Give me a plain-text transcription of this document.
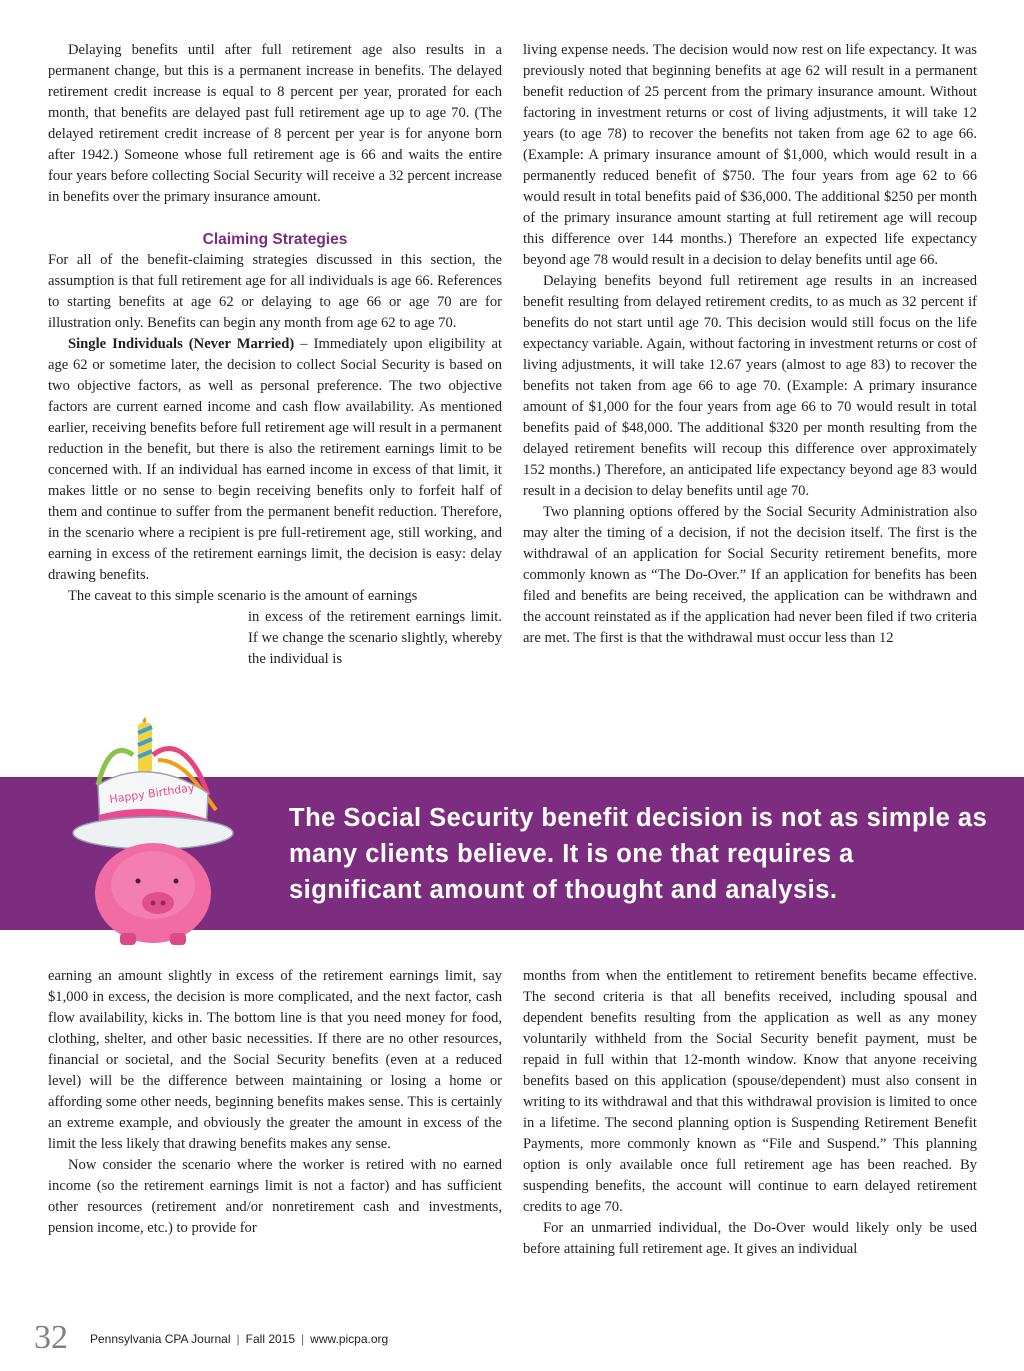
Delaying benefits until after full retirement age also results in a permanent change, but this is a permanent increase in benefits. The delayed retirement credit increase is equal to 8 percent per year, prorated for each month, that benefits are delayed past full retirement age up to age 70. (The delayed retirement credit increase of 8 percent per year is for anyone born after 1942.) Someone whose full retirement age is 66 and waits the entire four years before collecting Social Security will receive a 32 percent increase in benefits over the primary insurance amount.

Claiming Strategies

For all of the benefit-claiming strategies discussed in this section, the assumption is that full retirement age for all individuals is age 66. References to starting benefits at age 62 or delaying to age 66 or age 70 are for illustration only. Benefits can begin any month from age 62 to age 70.

Single Individuals (Never Married) – Immediately upon eligibility at age 62 or sometime later, the decision to collect Social Security is based on two objective factors, as well as personal preference. The two objective factors are current earned income and cash flow availability. As mentioned earlier, receiving benefits before full retirement age will result in a permanent reduction in the benefit, but there is also the retirement earnings limit to be concerned with. If an individual has earned income in excess of that limit, it makes little or no sense to begin receiving benefits only to forfeit half of them and continue to suffer from the permanent benefit reduction. Therefore, in the scenario where a recipient is pre full-retirement age, still working, and earning in excess of the retirement earnings limit, the decision is easy: delay drawing benefits.

The caveat to this simple scenario is the amount of earnings

in excess of the retirement earnings limit. If we change the scenario slightly, whereby the individual is

living expense needs. The decision would now rest on life expectancy. It was previously noted that beginning benefits at age 62 will result in a permanent benefit reduction of 25 percent from the primary insurance amount. Without factoring in investment returns or cost of living adjustments, it will take 12 years (to age 78) to recover the benefits not taken from age 62 to age 66. (Example: A primary insurance amount of $1,000, which would result in a permanently reduced benefit of $750. The four years from age 62 to 66 would result in total benefits paid of $36,000. The additional $250 per month of the primary insurance amount starting at full retirement age will recoup this difference over 144 months.) Therefore an expected life expectancy beyond age 78 would result in a decision to delay benefits until age 66.

Delaying benefits beyond full retirement age results in an increased benefit resulting from delayed retirement credits, to as much as 32 percent if benefits do not start until age 70. This decision would still focus on the life expectancy variable. Again, without factoring in investment returns or cost of living adjustments, it will take 12.67 years (almost to age 83) to recover the benefits not taken from age 66 to age 70. (Example: A primary insurance amount of $1,000 for the four years from age 66 to 70 would result in total benefits paid of $48,000. The additional $320 per month resulting from the delayed retirement benefits will recoup this difference over approximately 152 months.) Therefore, an anticipated life expectancy beyond age 83 would result in a decision to delay benefits until age 70.

Two planning options offered by the Social Security Administration also may alter the timing of a decision, if not the decision itself. The first is the withdrawal of an application for Social Security retirement benefits, more commonly known as “The Do-Over.” If an application for benefits has been filed and benefits are being received, the application can be withdrawn and the account reinstated as if the application had never been filed if two criteria are met. The first is that the withdrawal must occur less than 12

The Social Security benefit decision is not as simple as many clients believe. It is one that requires a significant amount of thought and analysis.

Happy Birthday

earning an amount slightly in excess of the retirement earnings limit, say $1,000 in excess, the decision is more complicated, and the next factor, cash flow availability, kicks in. The bottom line is that you need money for food, clothing, shelter, and other basic necessities. If there are no other resources, financial or societal, and the Social Security benefits (even at a reduced level) will be the difference between maintaining or losing a home or affording some other needs, beginning benefits makes sense. This is certainly an extreme example, and obviously the greater the amount in excess of the limit the less likely that drawing benefits makes any sense.

Now consider the scenario where the worker is retired with no earned income (so the retirement earnings limit is not a factor) and has sufficient other resources (retirement and/or nonretirement cash and investments, pension income, etc.) to provide for

months from when the entitlement to retirement benefits became effective. The second criteria is that all benefits received, including spousal and dependent benefits resulting from the application as well as any money voluntarily withheld from the Social Security benefit payment, must be repaid in full within that 12-month window. Know that anyone receiving benefits based on this application (spouse/dependent) must also consent in writing to its withdrawal and that this withdrawal provision is limited to once in a lifetime. The second planning option is Suspending Retirement Benefit Payments, more commonly known as “File and Suspend.” This planning option is only available once full retirement age has been reached. By suspending benefits, the account will continue to earn delayed retirement credits to age 70.

For an unmarried individual, the Do-Over would likely only be used before attaining full retirement age. It gives an individual

32 Pennsylvania CPA Journal | Fall 2015 | www.picpa.org
